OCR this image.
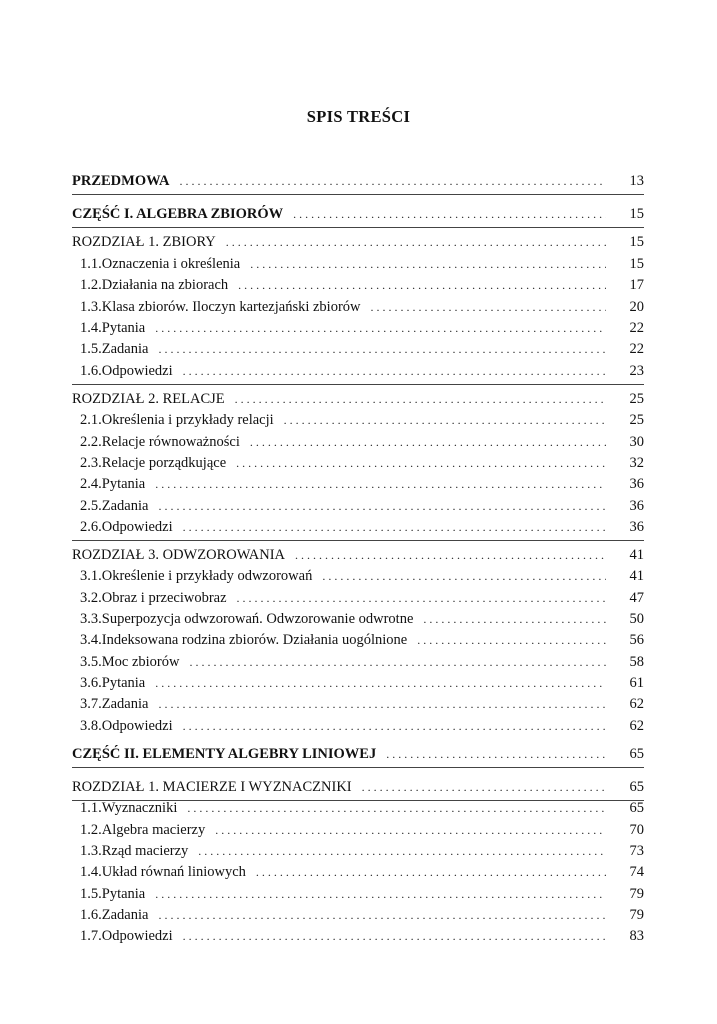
SPIS TREŚCI
PRZEDMOWA . . .	13
CZĘŚĆ I. ALGEBRA ZBIORÓW . . .	15
ROZDZIAŁ 1. ZBIORY . . .	15
1.1. Oznaczenia i określenia . . .	15
1.2. Działania na zbiorach . . .	17
1.3. Klasa zbiorów. Iloczyn kartezjański zbiorów . . .	20
1.4. Pytania . . .	22
1.5. Zadania . . .	22
1.6. Odpowiedzi . . .	23
ROZDZIAŁ 2. RELACJE . . .	25
2.1. Określenia i przykłady relacji . . .	25
2.2. Relacje równoważności . . .	30
2.3. Relacje porządkujące . . .	32
2.4. Pytania . . .	36
2.5. Zadania . . .	36
2.6. Odpowiedzi . . .	36
ROZDZIAŁ 3. ODWZOROWANIA . . .	41
3.1. Określenie i przykłady odwzorowań . . .	41
3.2. Obraz i przeciwobraz . . .	47
3.3. Superpozycja odwzorowań. Odwzorowanie odwrotne . . .	50
3.4. Indeksowana rodzina zbiorów. Działania uogólnione . . .	56
3.5. Moc zbiorów . . .	58
3.6. Pytania . . .	61
3.7. Zadania . . .	62
3.8. Odpowiedzi . . .	62
CZĘŚĆ II. ELEMENTY ALGEBRY LINIOWEJ . . .	65
ROZDZIAŁ 1. MACIERZE I WYZNACZNIKI . . .	65
1.1. Wyznaczniki . . .	65
1.2. Algebra macierzy . . .	70
1.3. Rząd macierzy . . .	73
1.4. Układ równań liniowych . . .	74
1.5. Pytania . . .	79
1.6. Zadania . . .	79
1.7. Odpowiedzi . . .	83
